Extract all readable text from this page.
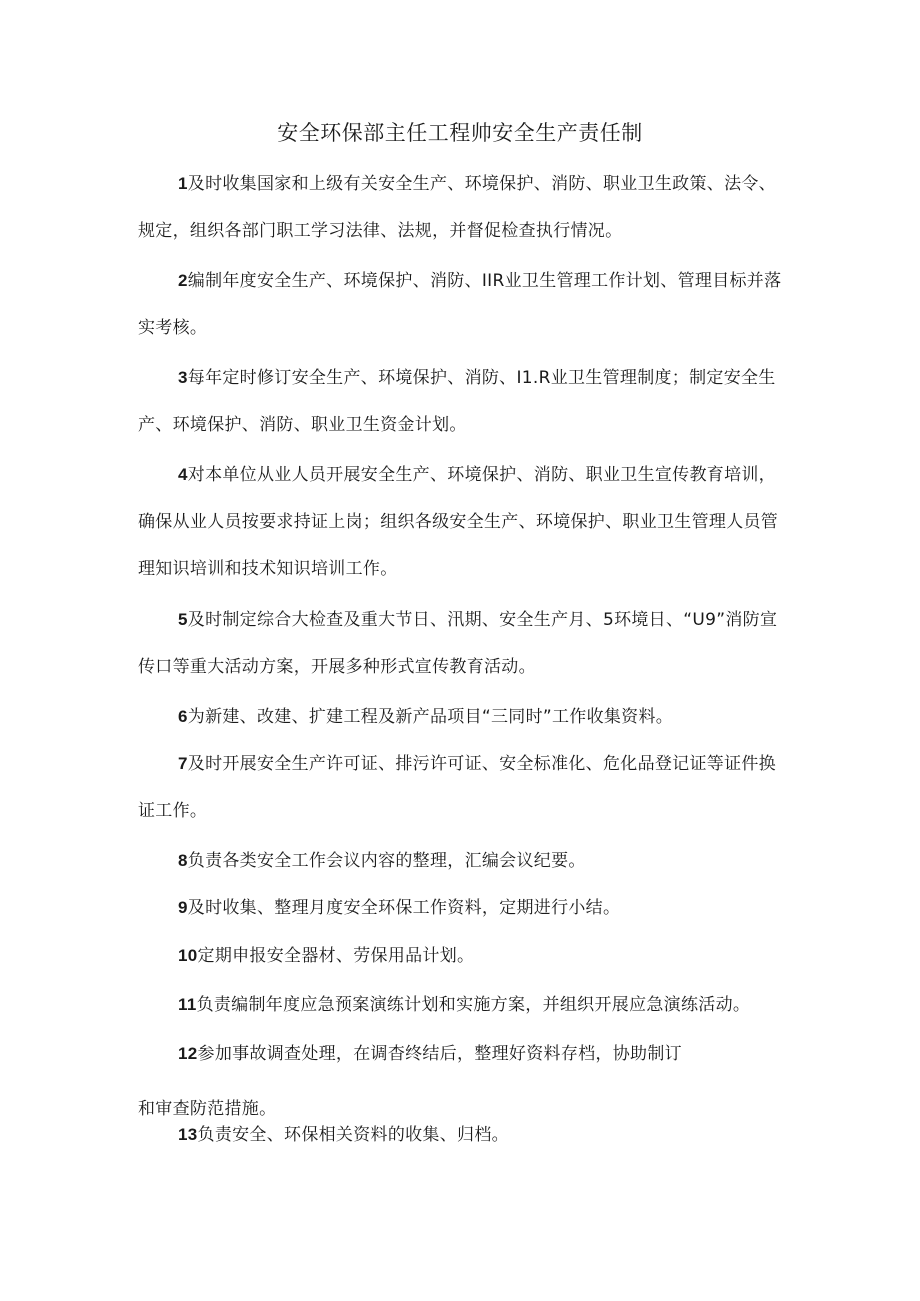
安全环保部主任工程帅安全生产责任制

1及时收集国家和上级有关安全生产、环境保护、消防、职业卫生政策、法令、规定，组织各部门职工学习法律、法规，并督促检查执行情况。

2编制年度安全生产、环境保护、消防、IIR业卫生管理工作计划、管理目标并落实考核。

3每年定时修订安全生产、环境保护、消防、I1.R业卫生管理制度；制定安全生产、环境保护、消防、职业卫生资金计划。

4对本单位从业人员开展安全生产、环境保护、消防、职业卫生宣传教育培训，确保从业人员按要求持证上岗；组织各级安全生产、环境保护、职业卫生管理人员管理知识培训和技术知识培训工作。

5及时制定综合大检查及重大节日、汛期、安全生产月、5环境日、“U9”消防宣传口等重大活动方案，开展多种形式宣传教育活动。

6为新建、改建、扩建工程及新产品项目“三同时”工作收集资料。

7及时开展安全生产许可证、排污许可证、安全标准化、危化品登记证等证件换证工作。

8负责各类安全工作会议内容的整理，汇编会议纪要。

9及时收集、整理月度安全环保工作资料，定期进行小结。

10定期申报安全器材、劳保用品计划。

11负责编制年度应急预案演练计划和实施方案，并组织开展应急演练活动。

12参加事故调查处理，在调杳终结后，整理好资料存档，协助制订
和审查防范措施。
13负责安全、环保相关资料的收集、归档。
